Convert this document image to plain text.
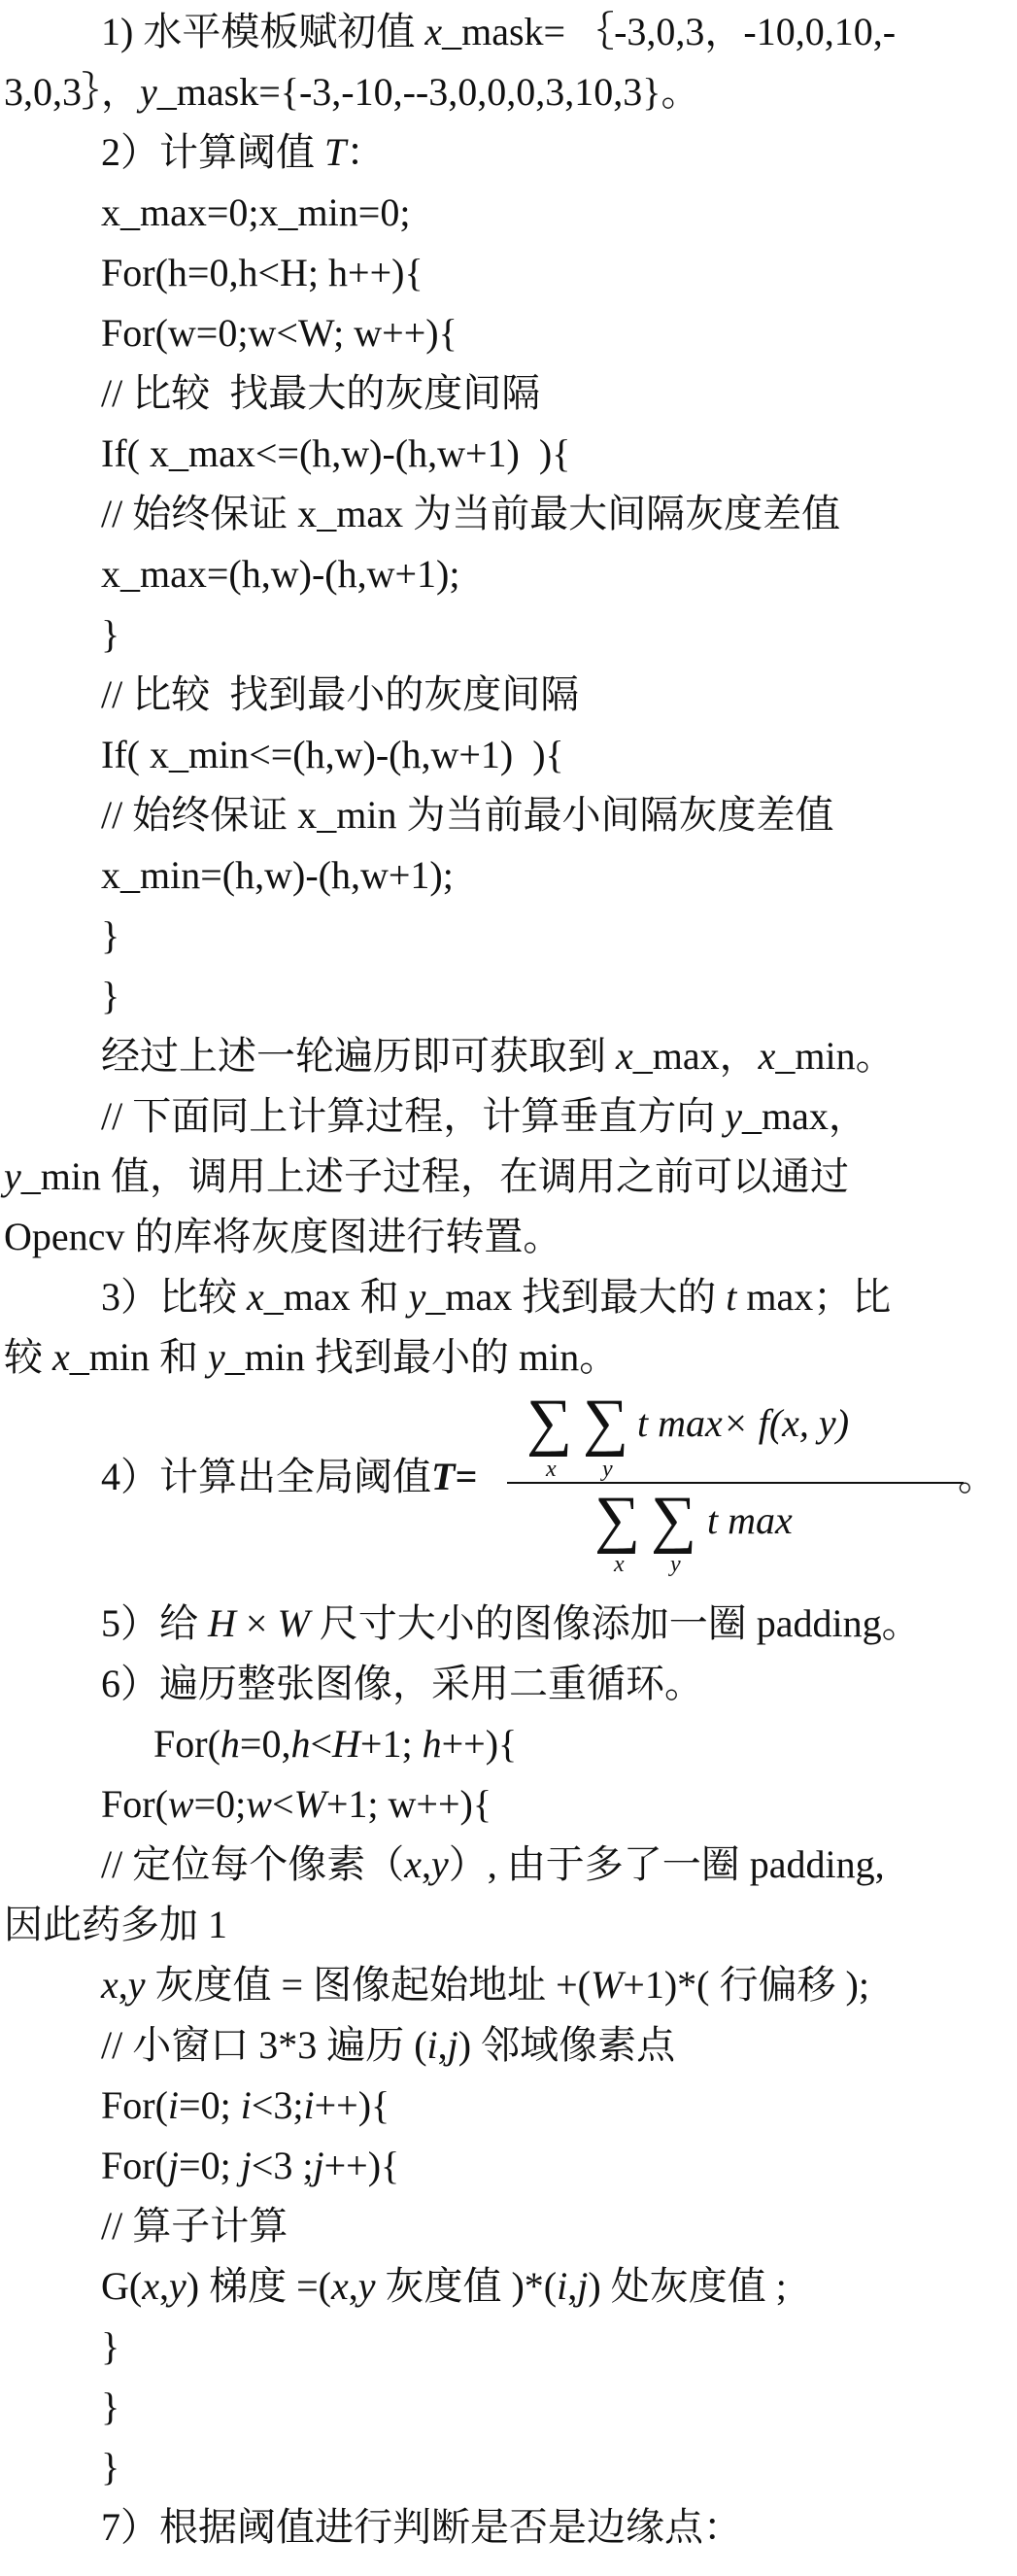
1) 水平模板赋初值 x_mask= ｛-3,0,3，-10,0,10,-
3,0,3｝，y_mask={-3,-10,--3,0,0,0,3,10,3}。
2）计算阈值 T：
x_max=0;x_min=0;
For(h=0,h<H; h++){
For(w=0;w<W; w++){
// 比较  找最大的灰度间隔
If( x_max<=(h,w)-(h,w+1)  ){
// 始终保证 x_max 为当前最大间隔灰度差值
x_max=(h,w)-(h,w+1);
}
// 比较  找到最小的灰度间隔
If( x_min<=(h,w)-(h,w+1)  ){
// 始终保证 x_min 为当前最小间隔灰度差值
x_min=(h,w)-(h,w+1);
}
}
经过上述一轮遍历即可获取到 x_max，x_min。
// 下面同上计算过程，计算垂直方向 y_max，
y_min 值，调用上述子过程，在调用之前可以通过
Opencv 的库将灰度图进行转置。
3）比较 x_max 和 y_max 找到最大的 t max；比
较 x_min 和 y_min 找到最小的 min。
4）计算出全局阈值T=
∑
x
∑
y
t max× f(x, y)
∑
x
∑
y
t max
。
5）给 H × W 尺寸大小的图像添加一圈 padding。
6）遍历整张图像，采用二重循环。
For(h=0,h<H+1; h++){
For(w=0;w<W+1; w++){
// 定位每个像素（x,y）, 由于多了一圈 padding,
因此药多加 1
x,y 灰度值 = 图像起始地址 +(W+1)*( 行偏移 );
// 小窗口 3*3 遍历 (i,j) 邻域像素点
For(i=0; i<3;i++){
For(j=0; j<3 ;j++){
// 算子计算
G(x,y) 梯度 =(x,y 灰度值 )*(i,j) 处灰度值 ;
}
}
}
7）根据阈值进行判断是否是边缘点：
